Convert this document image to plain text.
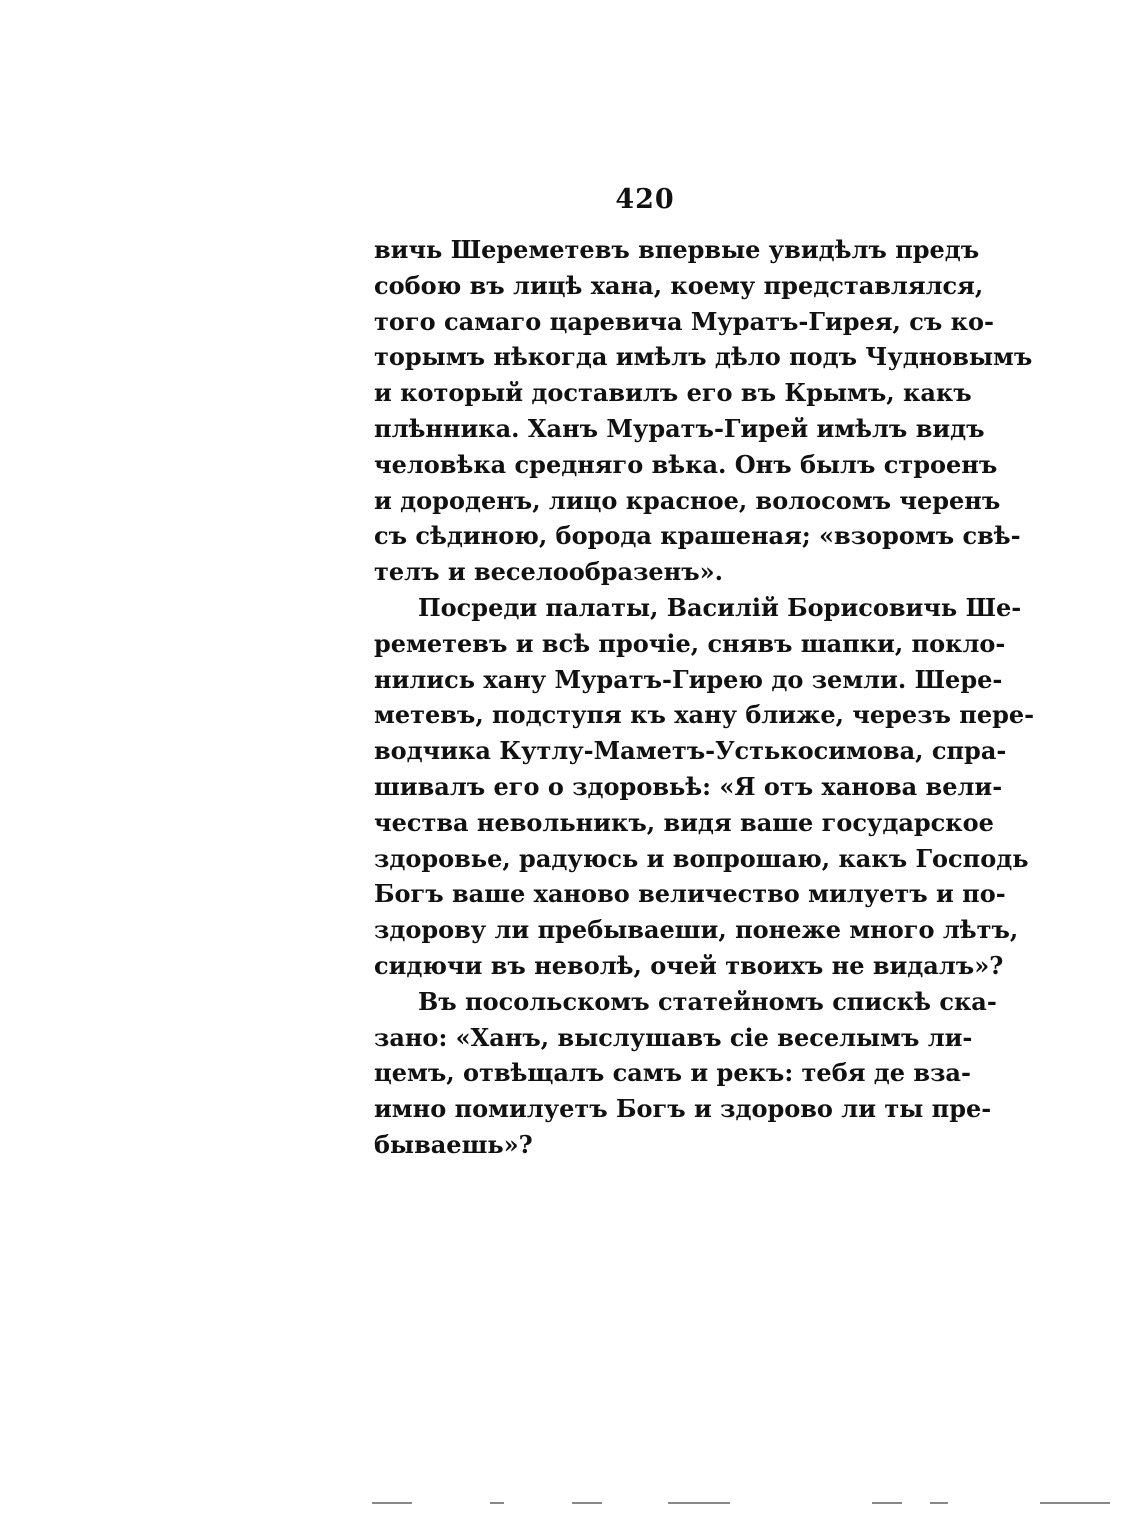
420
вичь Шереметевъ впервые увидѣлъ предъ
собою въ лицѣ хана, коему представлялся,
того самаго царевича Муратъ-Гирея, съ ко-
торымъ нѣкогда имѣлъ дѣло подъ Чудновымъ
и который доставилъ его въ Крымъ, какъ
плѣнника. Ханъ Муратъ-Гирей имѣлъ видъ
человѣка средняго вѣка. Онъ былъ строенъ
и дороденъ, лицо красное, волосомъ черенъ
съ сѣдиною, борода крашеная; «взоромъ свѣ-
телъ и веселообразенъ».
Посреди палаты, Василій Борисовичь Ше-
реметевъ и всѣ прочіе, снявъ шапки, покло-
нились хану Муратъ-Гирею до земли. Шере-
метевъ, подступя къ хану ближе, черезъ пере-
водчика Кутлу-Маметъ-Устькосимова, спра-
шивалъ его о здоровьѣ: «Я отъ ханова вели-
чества невольникъ, видя ваше государское
здоровье, радуюсь и вопрошаю, какъ Господь
Богъ ваше ханово величество милуетъ и по-
здорову ли пребываеши, понеже много лѣтъ,
сидючи въ неволѣ, очей твоихъ не видалъ»?
Въ посольскомъ статейномъ спискѣ ска-
зано: «Ханъ, выслушавъ сіе веселымъ ли-
цемъ, отвѣщалъ самъ и рекъ: тебя де вза-
имно помилуетъ Богъ и здорово ли ты пре-
бываешь»?
